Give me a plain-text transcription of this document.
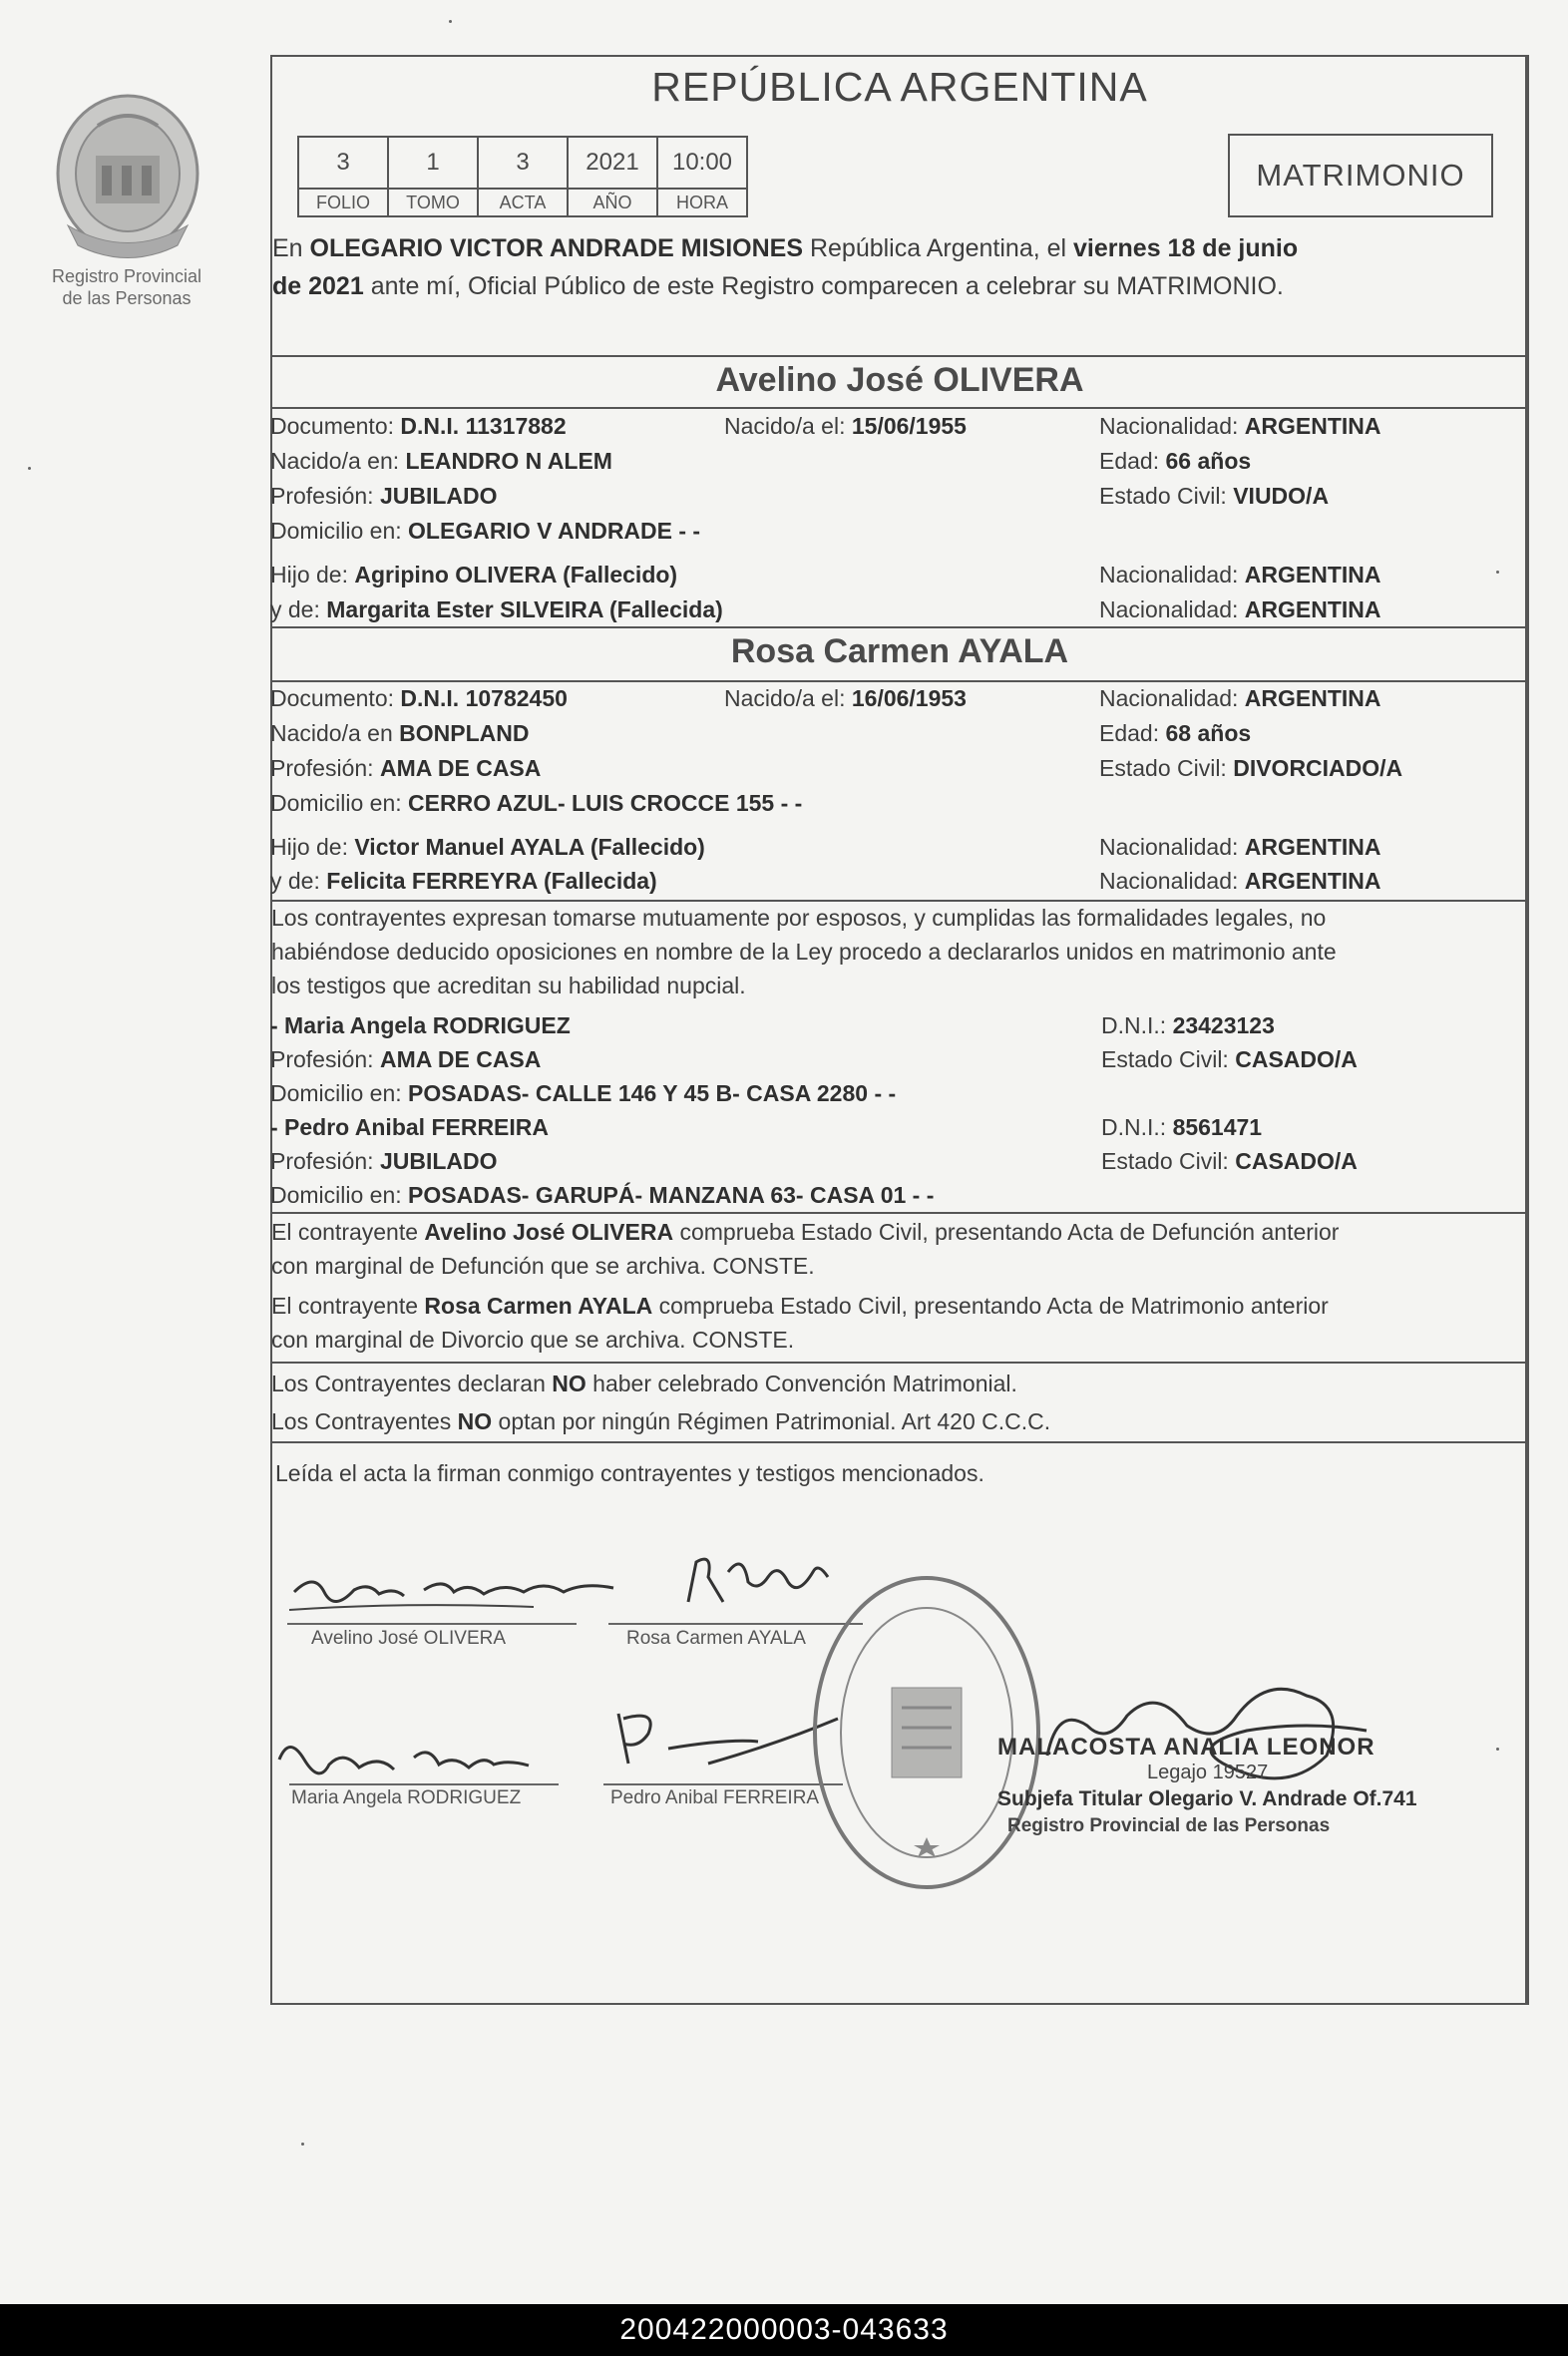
Registro Provincial
de las Personas
REPÚBLICA ARGENTINA
3	1	3	2021	10:00
FOLIO	TOMO	ACTA	AÑO	HORA
MATRIMONIO

En OLEGARIO VICTOR ANDRADE MISIONES República Argentina, el viernes 18 de junio

de 2021 ante mí, Oficial Público de este Registro comparecen a celebrar su MATRIMONIO.

Avelino José OLIVERA
Documento: D.N.I. 11317882	Nacido/a el: 15/06/1955	Nacionalidad: ARGENTINA
Nacido/a en: LEANDRO N ALEM	Edad: 66 años
Profesión: JUBILADO	Estado Civil: VIUDO/A
Domicilio en: OLEGARIO V ANDRADE - -
Hijo de: Agripino OLIVERA (Fallecido)	Nacionalidad: ARGENTINA
y de: Margarita Ester SILVEIRA (Fallecida)	Nacionalidad: ARGENTINA
Rosa Carmen AYALA
Documento: D.N.I. 10782450	Nacido/a el: 16/06/1953	Nacionalidad: ARGENTINA
Nacido/a en BONPLAND	Edad: 68 años
Profesión: AMA DE CASA	Estado Civil: DIVORCIADO/A
Domicilio en: CERRO AZUL- LUIS CROCCE 155 - -
Hijo de: Victor Manuel AYALA (Fallecido)	Nacionalidad: ARGENTINA
y de: Felicita FERREYRA (Fallecida)	Nacionalidad: ARGENTINA

Los contrayentes expresan tomarse mutuamente por esposos, y cumplidas las formalidades legales, no

habiéndose deducido oposiciones en nombre de la Ley procedo a declararlos unidos en matrimonio ante

los testigos que acreditan su habilidad nupcial.

- Maria Angela RODRIGUEZ	D.N.I.: 23423123
Profesión: AMA DE CASA	Estado Civil: CASADO/A
Domicilio en: POSADAS- CALLE 146 Y 45 B- CASA 2280 - -
- Pedro Anibal FERREIRA	D.N.I.: 8561471
Profesión: JUBILADO	Estado Civil: CASADO/A
Domicilio en: POSADAS- GARUPÁ- MANZANA 63- CASA 01 - -

El contrayente Avelino José OLIVERA comprueba Estado Civil, presentando Acta de Defunción anterior

con marginal de Defunción que se archiva. CONSTE.

El contrayente Rosa Carmen AYALA comprueba Estado Civil, presentando Acta de Matrimonio anterior

con marginal de Divorcio que se archiva. CONSTE.

Los Contrayentes declaran NO haber celebrado Convención Matrimonial.

Los Contrayentes NO optan por ningún Régimen Patrimonial. Art 420 C.C.C.

Leída el acta la firman conmigo contrayentes y testigos mencionados.
Avelino José OLIVERA	Rosa Carmen AYALA
Maria Angela RODRIGUEZ	Pedro Anibal FERREIRA
MALACOSTA ANALIA LEONOR
Legajo 19527
Subjefa Titular Olegario V. Andrade Of.741
Registro Provincial de las Personas
200422000003-043633
